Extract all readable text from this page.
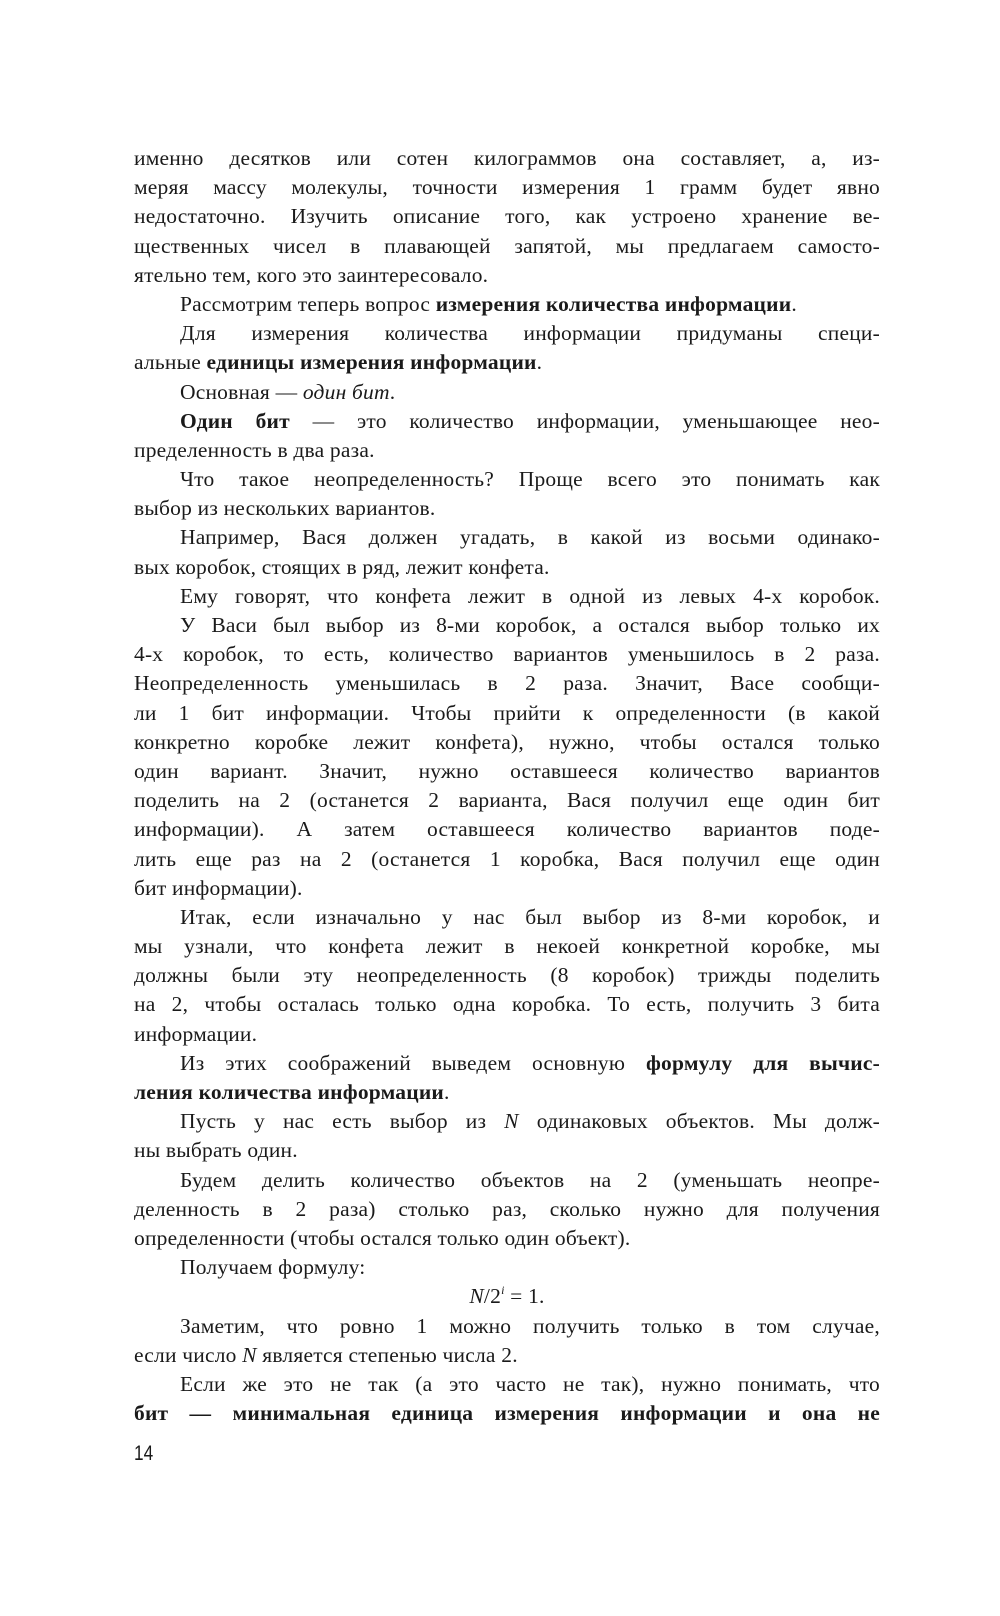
именно десятков или сотен килограммов она составляет, а, из-
меряя массу молекулы, точности измерения 1 грамм будет явно
недостаточно. Изучить описание того, как устроено хранение ве-
щественных чисел в плавающей запятой, мы предлагаем самосто-
ятельно тем, кого это заинтересовало.
Рассмотрим теперь вопрос измерения количества информации.
Для измерения количества информации придуманы специ-
альные единицы измерения информации.
Основная — один бит.
Один бит — это количество информации, уменьшающее нео-
пределенность в два раза.
Что такое неопределенность? Проще всего это понимать как
выбор из нескольких вариантов.
Например, Вася должен угадать, в какой из восьми одинако-
вых коробок, стоящих в ряд, лежит конфета.
Ему говорят, что конфета лежит в одной из левых 4-х коробок.
У Васи был выбор из 8-ми коробок, а остался выбор только их
4-х коробок, то есть, количество вариантов уменьшилось в 2 раза.
Неопределенность уменьшилась в 2 раза. Значит, Васе сообщи-
ли 1 бит информации. Чтобы прийти к определенности (в какой
конкретно коробке лежит конфета), нужно, чтобы остался только
один вариант. Значит, нужно оставшееся количество вариантов
поделить на 2 (останется 2 варианта, Вася получил еще один бит
информации). А затем оставшееся количество вариантов поде-
лить еще раз на 2 (останется 1 коробка, Вася получил еще один
бит информации).
Итак, если изначально у нас был выбор из 8-ми коробок, и
мы узнали, что конфета лежит в некоей конкретной коробке, мы
должны были эту неопределенность (8 коробок) трижды поделить
на 2, чтобы осталась только одна коробка. То есть, получить 3 бита
информации.
Из этих соображений выведем основную формулу для вычис-
ления количества информации.
Пусть у нас есть выбор из N одинаковых объектов. Мы долж-
ны выбрать один.
Будем делить количество объектов на 2 (уменьшать неопре-
деленность в 2 раза) столько раз, сколько нужно для получения
определенности (чтобы остался только один объект).
Получаем формулу:
$N/2^i = 1$.
Заметим, что ровно 1 можно получить только в том случае,
если число N является степенью числа 2.
Если же это не так (а это часто не так), нужно понимать, что
бит — минимальная единица измерения информации и она не
14
